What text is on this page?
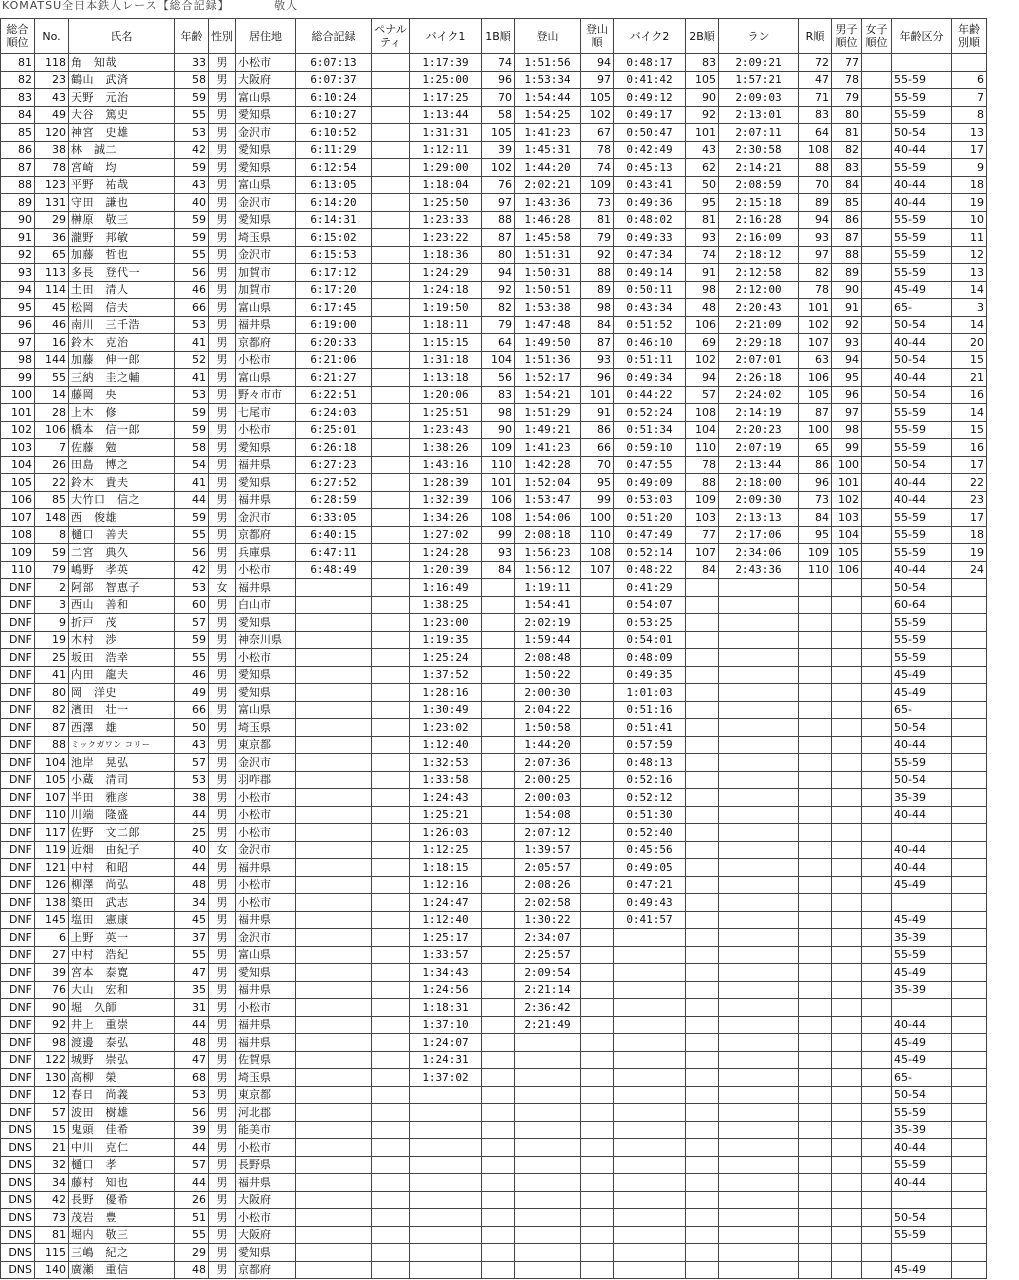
KOMATSU全日本鉄人レース【総合記録】	敬人
総合順位	No.	氏名	年齢	性別	居住地	総合記録	ペナルティ	バイク1	1B順	登山	登山順	バイク2	2B順	ラン	R順	男子順位	女子順位	年齢区分	年齢別順
81	118	角　知哉	33	男	小松市	6:07:13		1:17:39	74	1:51:56	94	0:48:17	83	2:09:21	72	77			
82	23	鶴山　武済	58	男	大阪府	6:07:37		1:25:00	96	1:53:34	97	0:41:42	105	1:57:21	47	78		55-59	6
83	43	天野　元治	59	男	富山県	6:10:24		1:17:25	70	1:54:44	105	0:49:12	90	2:09:03	71	79		55-59	7
84	49	大谷　篤史	55	男	愛知県	6:10:27		1:13:44	58	1:54:25	102	0:49:17	92	2:13:01	83	80		55-59	8
85	120	神宮　史雄	53	男	金沢市	6:10:52		1:31:31	105	1:41:23	67	0:50:47	101	2:07:11	64	81		50-54	13
86	38	林　誠二	42	男	愛知県	6:11:29		1:12:11	39	1:45:31	78	0:42:49	43	2:30:58	108	82		40-44	17
87	78	宮崎　均	59	男	愛知県	6:12:54		1:29:00	102	1:44:20	74	0:45:13	62	2:14:21	88	83		55-59	9
88	123	平野　祐哉	43	男	富山県	6:13:05		1:18:04	76	2:02:21	109	0:43:41	50	2:08:59	70	84		40-44	18
89	131	守田　謙也	40	男	金沢市	6:14:20		1:25:50	97	1:43:36	73	0:49:36	95	2:15:18	89	85		40-44	19
90	29	榊原　敬三	59	男	愛知県	6:14:31		1:23:33	88	1:46:28	81	0:48:02	81	2:16:28	94	86		55-59	10
91	36	瀧野　邦敏	59	男	埼玉県	6:15:02		1:23:22	87	1:45:58	79	0:49:33	93	2:16:09	93	87		55-59	11
92	65	加藤　哲也	55	男	金沢市	6:15:53		1:18:36	80	1:51:31	92	0:47:34	74	2:18:12	97	88		55-59	12
93	113	多長　登代一	56	男	加賀市	6:17:12		1:24:29	94	1:50:31	88	0:49:14	91	2:12:58	82	89		55-59	13
94	114	土田　清人	46	男	加賀市	6:17:20		1:24:18	92	1:50:51	89	0:50:11	98	2:12:00	78	90		45-49	14
95	45	松岡　信夫	66	男	富山県	6:17:45		1:19:50	82	1:53:38	98	0:43:34	48	2:20:43	101	91		65-	3
96	46	南川　三千浩	53	男	福井県	6:19:00		1:18:11	79	1:47:48	84	0:51:52	106	2:21:09	102	92		50-54	14
97	16	鈴木　克治	41	男	京都府	6:20:33		1:15:15	64	1:49:50	87	0:46:10	69	2:29:18	107	93		40-44	20
98	144	加藤　伸一郎	52	男	小松市	6:21:06		1:31:18	104	1:51:36	93	0:51:11	102	2:07:01	63	94		50-54	15
99	55	三納　圭之輔	41	男	富山県	6:21:27		1:13:18	56	1:52:17	96	0:49:34	94	2:26:18	106	95		40-44	21
100	14	藤岡　央	53	男	野々市市	6:22:51		1:20:06	83	1:54:21	101	0:44:22	57	2:24:02	105	96		50-54	16
101	28	上木　修	59	男	七尾市	6:24:03		1:25:51	98	1:51:29	91	0:52:24	108	2:14:19	87	97		55-59	14
102	106	橋本　信一郎	59	男	小松市	6:25:01		1:23:43	90	1:49:21	86	0:51:34	104	2:20:23	100	98		55-59	15
103	7	佐藤　勉	58	男	愛知県	6:26:18		1:38:26	109	1:41:23	66	0:59:10	110	2:07:19	65	99		55-59	16
104	26	田島　博之	54	男	福井県	6:27:23		1:43:16	110	1:42:28	70	0:47:55	78	2:13:44	86	100		50-54	17
105	22	鈴木　貴夫	41	男	愛知県	6:27:52		1:28:39	101	1:52:04	95	0:49:09	88	2:18:00	96	101		40-44	22
106	85	大竹口　信之	44	男	福井県	6:28:59		1:32:39	106	1:53:47	99	0:53:03	109	2:09:30	73	102		40-44	23
107	148	西　俊雄	59	男	金沢市	6:33:05		1:34:26	108	1:54:06	100	0:51:20	103	2:13:13	84	103		55-59	17
108	8	樋口　善夫	55	男	京都府	6:40:15		1:27:02	99	2:08:18	110	0:47:49	77	2:17:06	95	104		55-59	18
109	59	二宮　典久	56	男	兵庫県	6:47:11		1:24:28	93	1:56:23	108	0:52:14	107	2:34:06	109	105		55-59	19
110	79	嶋野　孝英	42	男	小松市	6:48:49		1:20:39	84	1:56:12	107	0:48:22	84	2:43:36	110	106		40-44	24
DNF	2	阿部　智恵子	53	女	福井県			1:16:49		1:19:11		0:41:29						50-54	
DNF	3	西山　善和	60	男	白山市			1:38:25		1:54:41		0:54:07						60-64	
DNF	9	折戸　茂	57	男	愛知県			1:23:00		2:02:19		0:53:25						55-59	
DNF	19	木村　渉	59	男	神奈川県			1:19:35		1:59:44		0:54:01						55-59	
DNF	25	坂田　浩幸	55	男	小松市			1:25:24		2:08:48		0:48:09						55-59	
DNF	41	内田　龍夫	46	男	愛知県			1:37:52		1:50:22		0:49:35						45-49	
DNF	80	岡　洋史	49	男	愛知県			1:28:16		2:00:30		1:01:03						45-49	
DNF	82	濱田　壮一	66	男	富山県			1:30:49		2:04:22		0:51:16						65-	
DNF	87	西澤　雄	50	男	埼玉県			1:23:02		1:50:58		0:51:41						50-54	
DNF	88	ミックガワン コリー	43	男	東京都			1:12:40		1:44:20		0:57:59						40-44	
DNF	104	池岸　晃弘	57	男	金沢市			1:32:53		2:07:36		0:48:13						55-59	
DNF	105	小蔵　清司	53	男	羽咋郡			1:33:58		2:00:25		0:52:16						50-54	
DNF	107	半田　雅彦	38	男	小松市			1:24:43		2:00:03		0:52:12						35-39	
DNF	110	川端　隆盛	44	男	小松市			1:25:21		1:54:08		0:51:30						40-44	
DNF	117	佐野　文二郎	25	男	小松市			1:26:03		2:07:12		0:52:40							
DNF	119	近畑　由紀子	40	女	金沢市			1:12:25		1:39:57		0:45:56						40-44	
DNF	121	中村　和昭	44	男	福井県			1:18:15		2:05:57		0:49:05						40-44	
DNF	126	柳澤　尚弘	48	男	小松市			1:12:16		2:08:26		0:47:21						45-49	
DNF	138	築田　武志	34	男	小松市			1:24:47		2:02:58		0:49:43							
DNF	145	塩田　憲康	45	男	福井県			1:12:40		1:30:22		0:41:57						45-49	
DNF	6	上野　英一	37	男	金沢市			1:25:17		2:34:07								35-39	
DNF	27	中村　浩紀	55	男	富山県			1:33:57		2:25:57								55-59	
DNF	39	宮本　泰寛	47	男	愛知県			1:34:43		2:09:54								45-49	
DNF	76	大山　宏和	35	男	福井県			1:24:56		2:21:14								35-39	
DNF	90	堀　久師	31	男	小松市			1:18:31		2:36:42									
DNF	92	井上　重崇	44	男	福井県			1:37:10		2:21:49								40-44	
DNF	98	渡邊　泰弘	48	男	福井県			1:24:07										45-49	
DNF	122	城野　崇弘	47	男	佐賀県			1:24:31										45-49	
DNF	130	高柳　榮	68	男	埼玉県			1:37:02										65-	
DNF	12	春日　尚義	53	男	東京都													50-54	
DNF	57	波田　樹雄	56	男	河北郡													55-59	
DNS	15	鬼頭　佳希	39	男	能美市													35-39	
DNS	21	中川　克仁	44	男	小松市													40-44	
DNS	32	樋口　孝	57	男	長野県													55-59	
DNS	34	藤村　知也	44	男	福井県													40-44	
DNS	42	長野　優希	26	男	大阪府														
DNS	73	茂岩　豊	51	男	小松市													50-54	
DNS	81	堀内　敬三	55	男	大阪府													55-59	
DNS	115	三嶋　紀之	29	男	愛知県														
DNS	140	廣瀬　重信	48	男	京都府													45-49	
